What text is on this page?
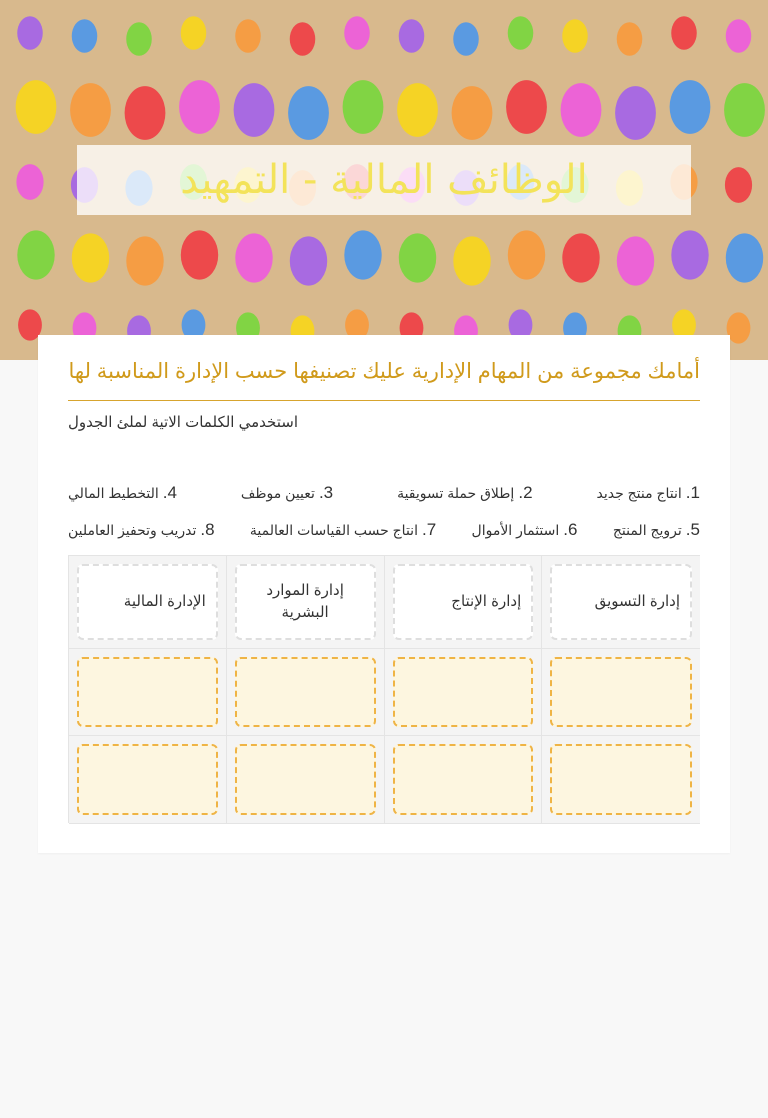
الوظائف المالية - التمهيد
أمامك مجموعة من المهام الإدارية عليك تصنيفها حسب الإدارة المناسبة لها
استخدمي الكلمات الاتية لملئ الجدول
1.
انتاج منتج جديد
2.
إطلاق حملة تسويقية
3.
تعيين موظف
4.
التخطيط المالي
5.
ترويج المنتج
6.
استثمار الأموال
7.
انتاج حسب القياسات العالمية
8.
تدريب وتحفيز العاملين
إدارة التسويق
إدارة الإنتاج
إدارة الموارد البشرية
الإدارة المالية
